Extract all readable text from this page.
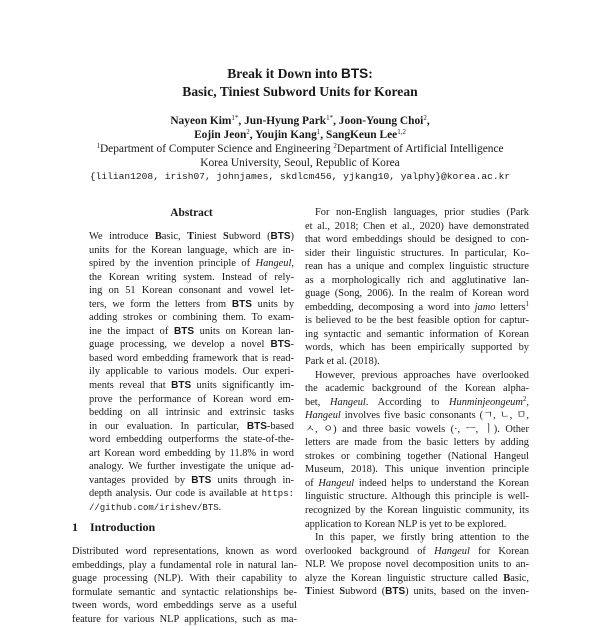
Break it Down into BTS:
Basic, Tiniest Subword Units for Korean
Nayeon Kim$^{1*}$, Jun-Hyung Park$^{1*}$, Joon-Young Choi$^2$,
Eojin Jeon$^2$, Youjin Kang$^1$, SangKeun Lee$^{1,2}$
$^1$Department of Computer Science and Engineering $^2$Department of Artificial Intelligence
Korea University, Seoul, Republic of Korea
{lilian1208, irish07, johnjames, skdlcm456, yjkang10, yalphy}@korea.ac.kr
Abstract
We introduce Basic, Tiniest Subword (BTS)
units for the Korean language, which are in-
spired by the invention principle of Hangeul,
the Korean writing system. Instead of rely-
ing on 51 Korean consonant and vowel let-
ters, we form the letters from BTS units by
adding strokes or combining them. To exam-
ine the impact of BTS units on Korean lan-
guage processing, we develop a novel BTS-
based word embedding framework that is read-
ily applicable to various models. Our experi-
ments reveal that BTS units significantly im-
prove the performance of Korean word em-
bedding on all intrinsic and extrinsic tasks
in our evaluation. In particular, BTS-based
word embedding outperforms the state-of-the-
art Korean word embedding by 11.8% in word
analogy. We further investigate the unique ad-
vantages provided by BTS units through in-
depth analysis. Our code is available at https:
//github.com/irishev/BTS.
1 Introduction
Distributed word representations, known as word
embeddings, play a fundamental role in natural lan-
guage processing (NLP). With their capability to
formulate semantic and syntactic relationships be-
tween words, word embeddings serve as a useful
feature for various NLP applications, such as ma-
For non-English languages, prior studies (Park
et al., 2018; Chen et al., 2020) have demonstrated
that word embeddings should be designed to con-
sider their linguistic structures. In particular, Ko-
rean has a unique and complex linguistic structure
as a morphologically rich and agglutinative lan-
guage (Song, 2006). In the realm of Korean word
embedding, decomposing a word into jamo letters$^1$
is believed to be the best feasible option for captur-
ing syntactic and semantic information of Korean
words, which has been empirically supported by
Park et al. (2018).
However, previous approaches have overlooked
the academic background of the Korean alpha-
bet, Hangeul. According to Hunminjeongeum$^2$,
Hangeul involves five basic consonants (ㄱ, ㄴ, ㅁ,
ㅅ, ㅇ) and three basic vowels (·, ㅡ, ㅣ). Other
letters are made from the basic letters by adding
strokes or combining together (National Hangeul
Museum, 2018). This unique invention principle
of Hangeul indeed helps to understand the Korean
linguistic structure. Although this principle is well-
recognized by the Korean linguistic community, its
application to Korean NLP is yet to be explored.
In this paper, we firstly bring attention to the
overlooked background of Hangeul for Korean
NLP. We propose novel decomposition units to an-
alyze the Korean linguistic structure called Basic,
Tiniest Subword (BTS) units, based on the inven-
